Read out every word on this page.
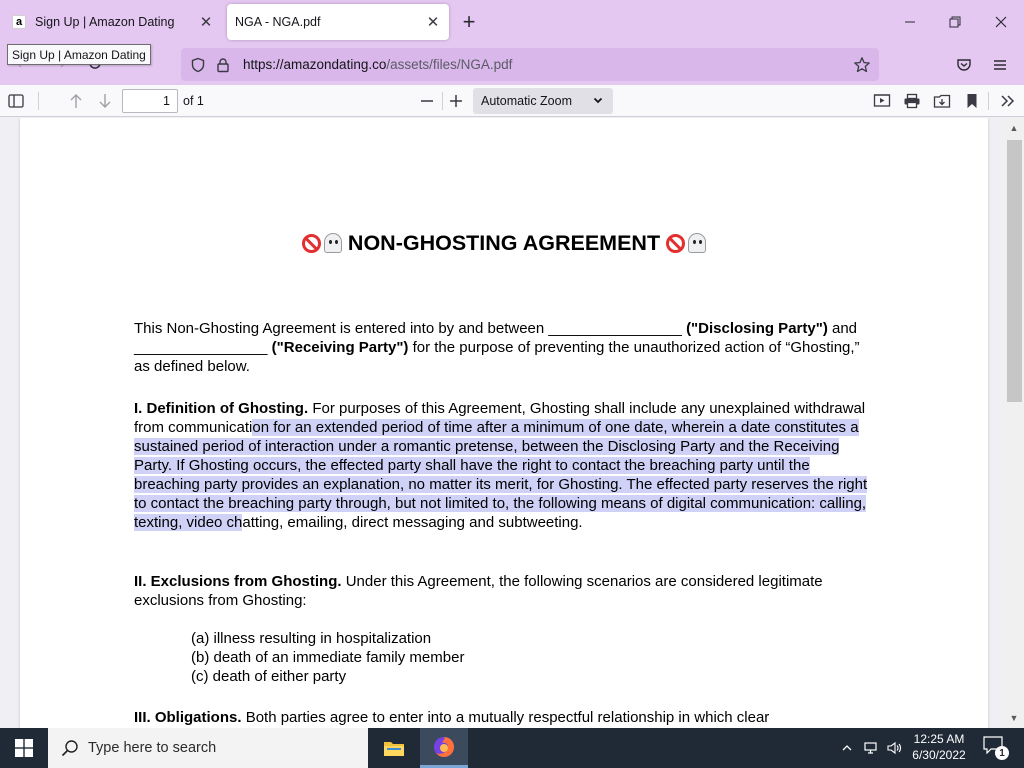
a	Sign Up | Amazon Dating	✕ NGA - NGA.pdf	✕ +
https://amazondating.co/assets/files/NGA.pdf
Sign Up | Amazon Dating
1	of 1	Automatic Zoom
NON-GHOSTING AGREEMENT
This Non-Ghosting Agreement is entered into by and between ________________ ("Disclosing Party") and ________________ ("Receiving Party") for the purpose of preventing the unauthorized action of “Ghosting,” as defined below.
I. Definition of Ghosting. For purposes of this Agreement, Ghosting shall include any unexplained withdrawal from communication for an extended period of time after a minimum of one date, wherein a date constitutes a sustained period of interaction under a romantic pretense, between the Disclosing Party and the Receiving Party. If Ghosting occurs, the effected party shall have the right to contact the breaching party until the breaching party provides an explanation, no matter its merit, for Ghosting. The effected party reserves the right to contact the breaching party through, but not limited to, the following means of digital communication: calling, texting, video chatting, emailing, direct messaging and subtweeting.
II. Exclusions from Ghosting. Under this Agreement, the following scenarios are considered legitimate exclusions from Ghosting:
(a) illness resulting in hospitalization
(b) death of an immediate family member
(c) death of either party
III. Obligations. Both parties agree to enter into a mutually respectful relationship in which clear
▲
▼
Type here to search
12:25 AM
6/30/2022	1
